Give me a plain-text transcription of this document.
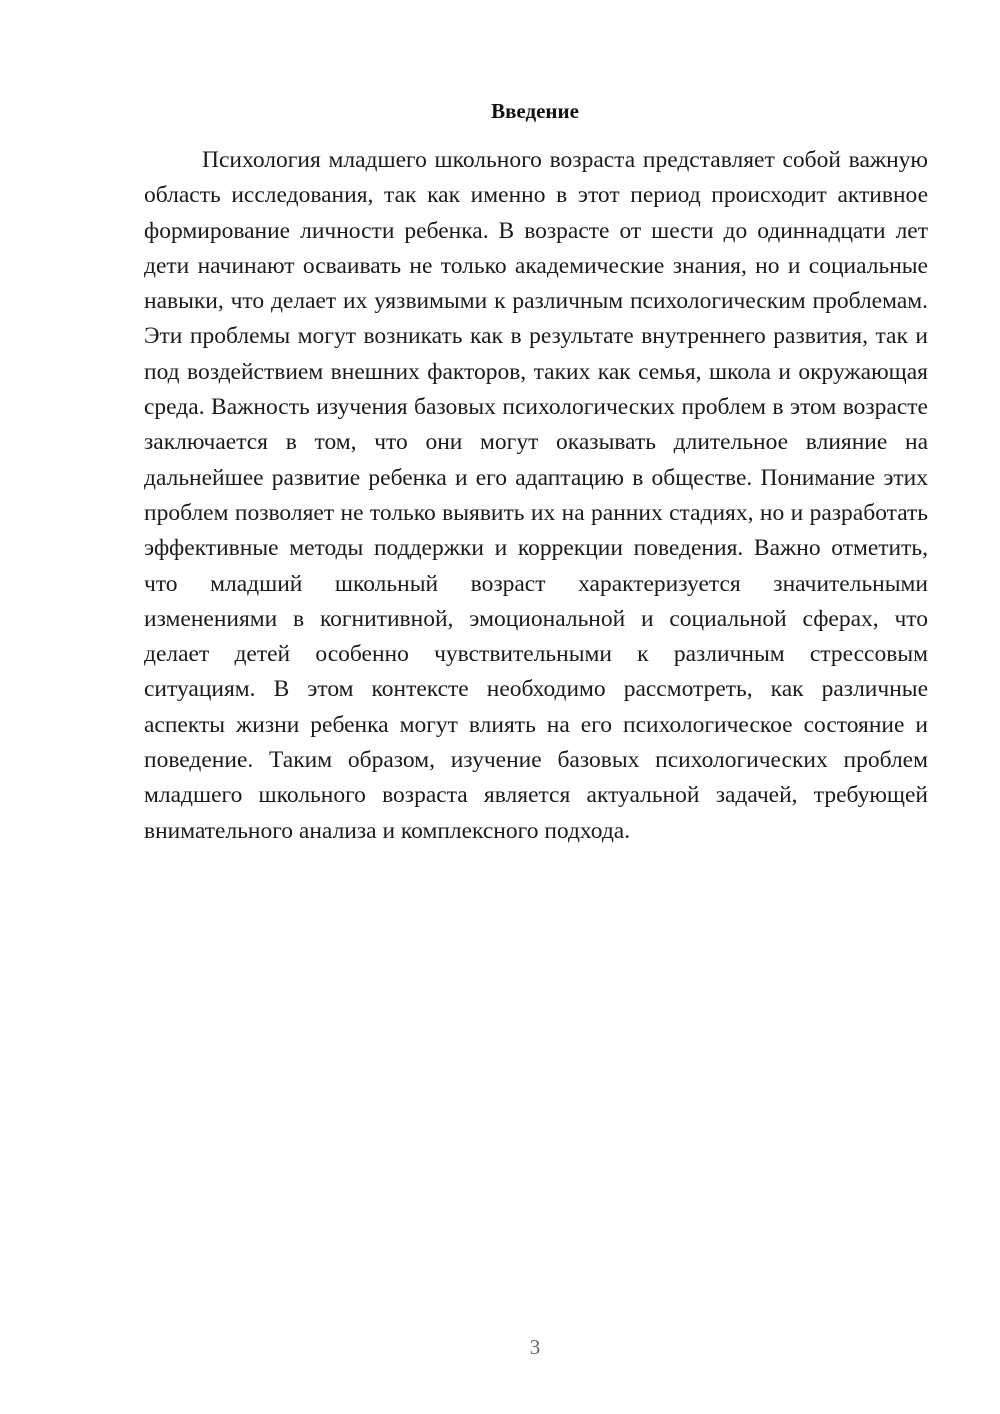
Введение

Психология младшего школьного возраста представляет собой важную область исследования, так как именно в этот период происходит активное формирование личности ребенка. В возрасте от шести до одиннадцати лет дети начинают осваивать не только академические знания, но и социальные навыки, что делает их уязвимыми к различным психологическим проблемам. Эти проблемы могут возникать как в результате внутреннего развития, так и под воздействием внешних факторов, таких как семья, школа и окружающая среда. Важность изучения базовых психологических проблем в этом возрасте заключается в том, что они могут оказывать длительное влияние на дальнейшее развитие ребенка и его адаптацию в обществе. Понимание этих проблем позволяет не только выявить их на ранних стадиях, но и разработать эффективные методы поддержки и коррекции поведения. Важно отметить, что младший школьный возраст характеризуется значительными изменениями в когнитивной, эмоциональной и социальной сферах, что делает детей особенно чувствительными к различным стрессовым ситуациям. В этом контексте необходимо рассмотреть, как различные аспекты жизни ребенка могут влиять на его психологическое состояние и поведение. Таким образом, изучение базовых психологических проблем младшего школьного возраста является актуальной задачей, требующей внимательного анализа и комплексного подхода.

3
